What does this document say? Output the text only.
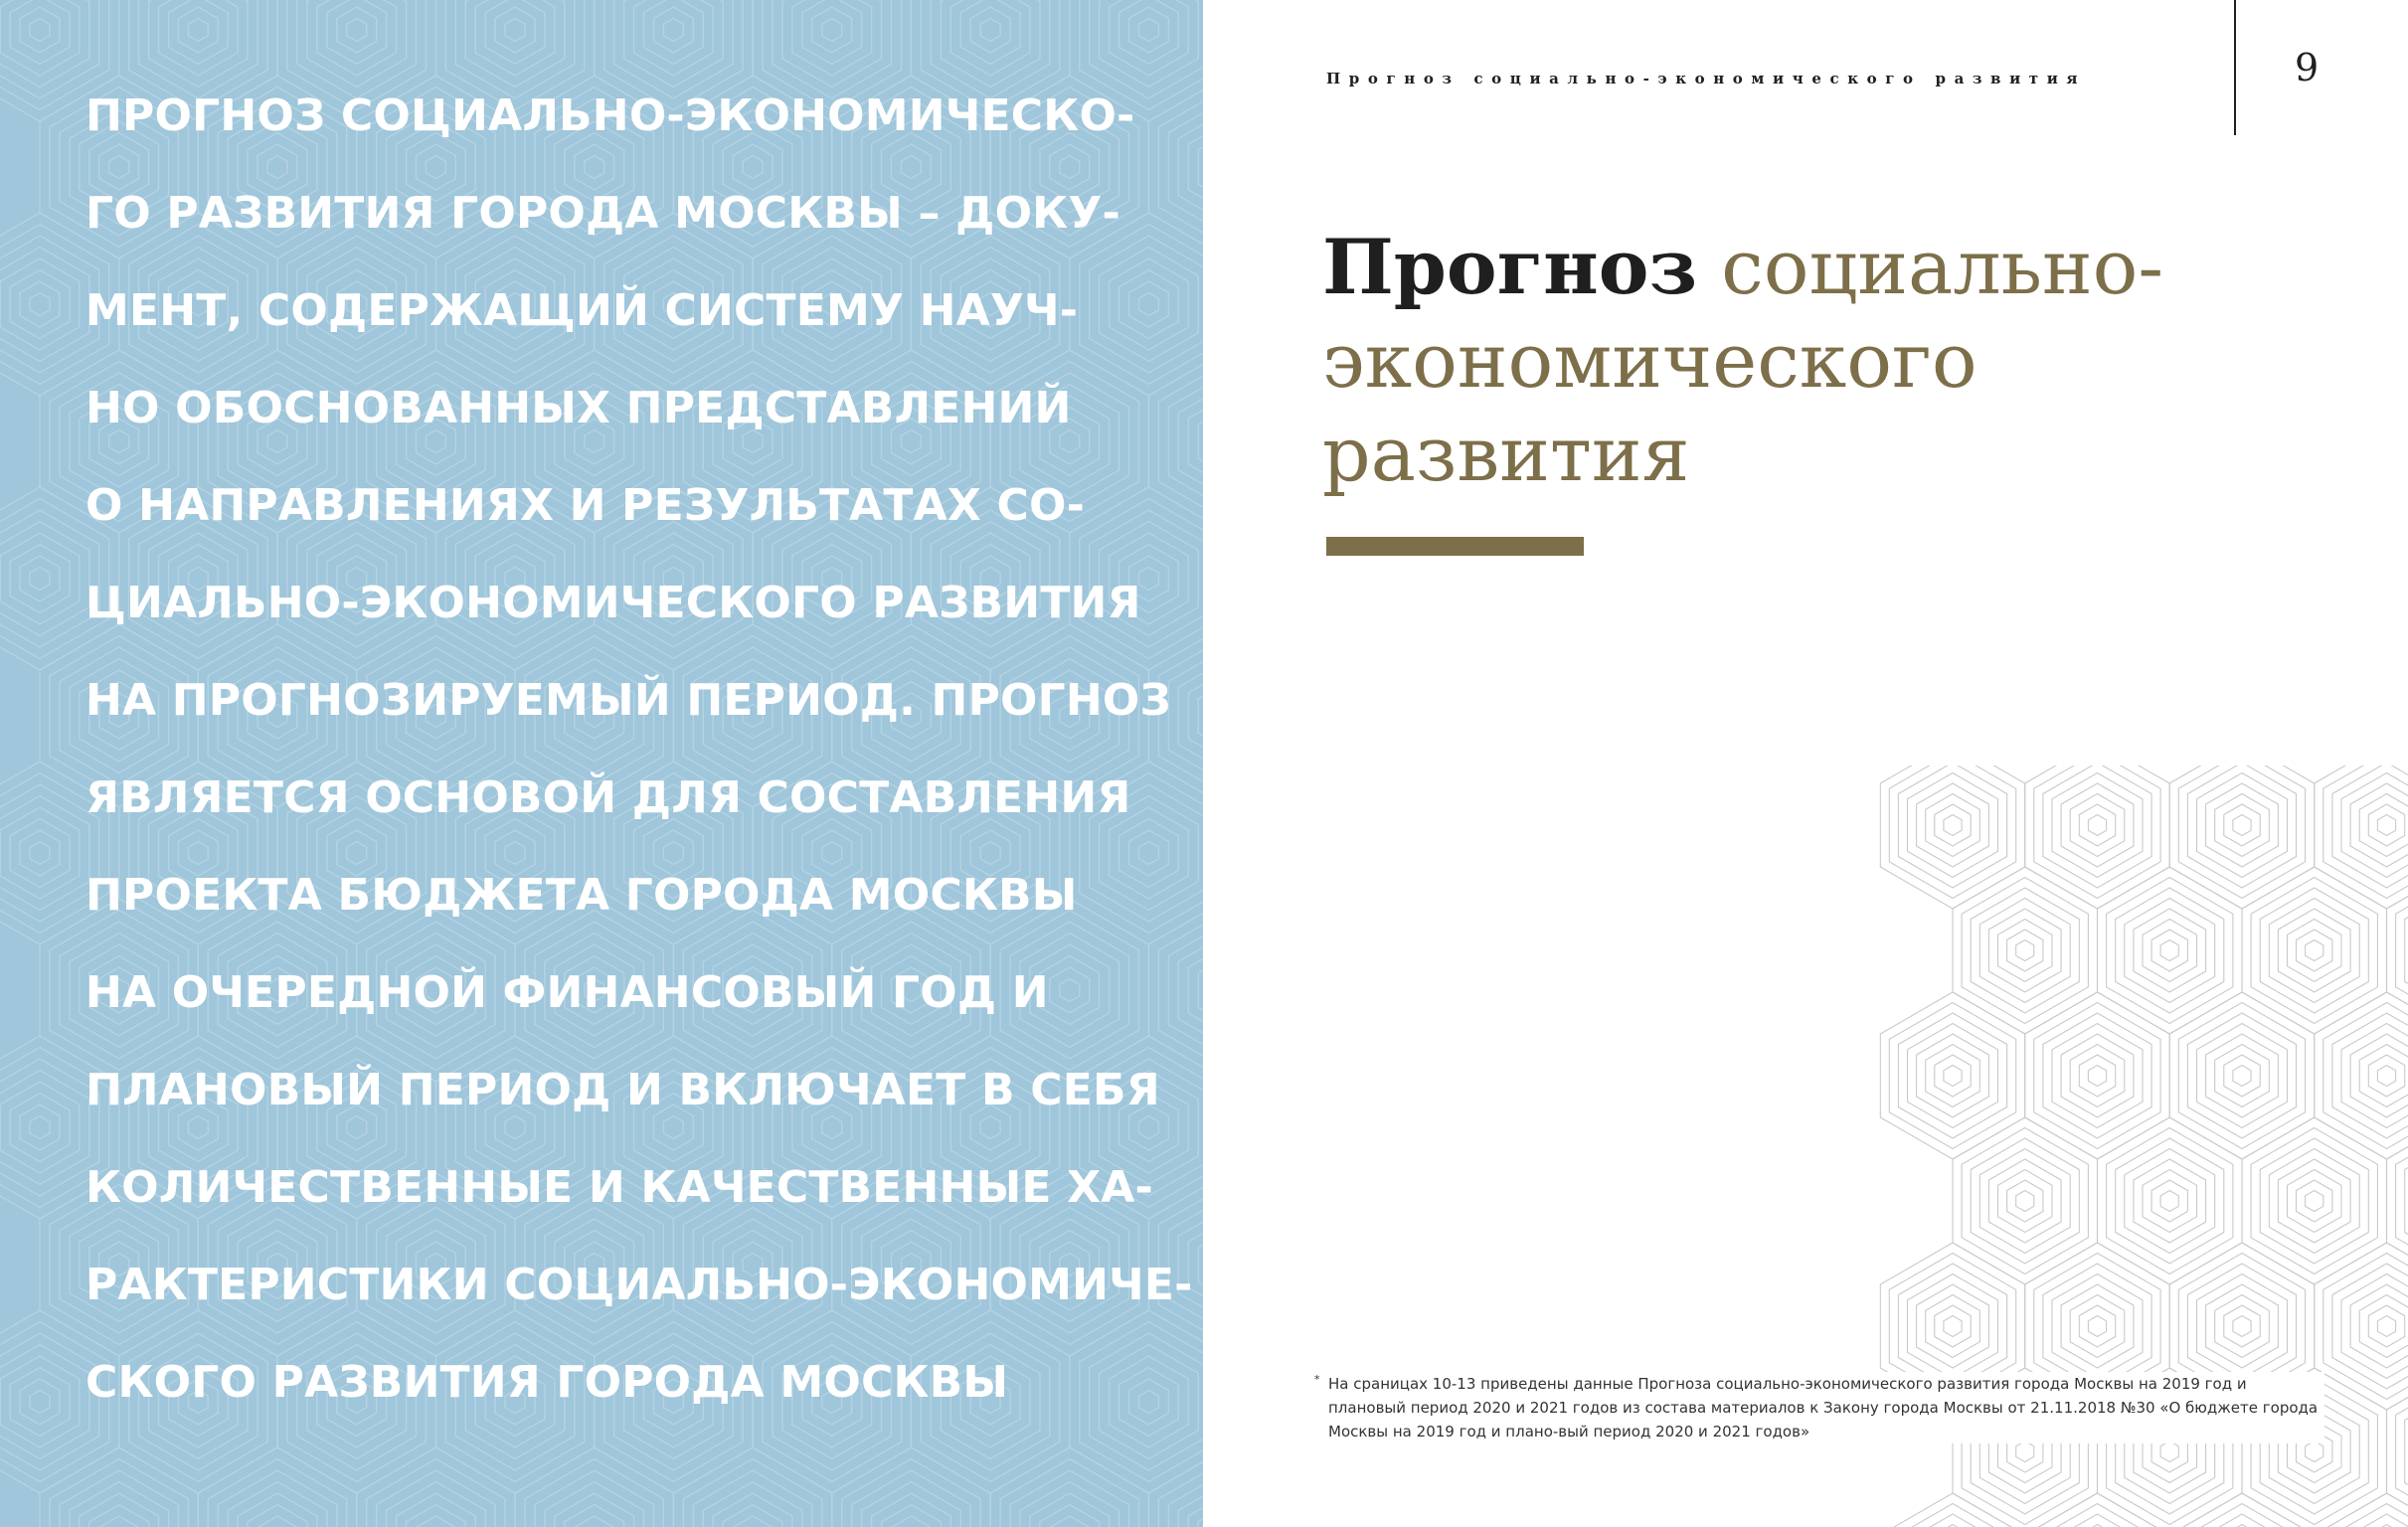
ПРОГНОЗ СОЦИАЛЬНО-ЭКОНОМИЧЕСКО-
ГО РАЗВИТИЯ ГОРОДА МОСКВЫ – ДОКУ-
МЕНТ, СОДЕРЖАЩИЙ СИСТЕМУ НАУЧ-
НО ОБОСНОВАННЫХ ПРЕДСТАВЛЕНИЙ
О НАПРАВЛЕНИЯХ И РЕЗУЛЬТАТАХ СО-
ЦИАЛЬНО-ЭКОНОМИЧЕСКОГО РАЗВИТИЯ
НА ПРОГНОЗИРУЕМЫЙ ПЕРИОД. ПРОГНОЗ
ЯВЛЯЕТСЯ ОСНОВОЙ ДЛЯ СОСТАВЛЕНИЯ
ПРОЕКТА БЮДЖЕТА ГОРОДА МОСКВЫ
НА ОЧЕРЕДНОЙ ФИНАНСОВЫЙ ГОД И
ПЛАНОВЫЙ ПЕРИОД И ВКЛЮЧАЕТ В СЕБЯ
КОЛИЧЕСТВЕННЫЕ И КАЧЕСТВЕННЫЕ ХА-
РАКТЕРИСТИКИ СОЦИАЛЬНО-ЭКОНОМИЧЕ-
СКОГО РАЗВИТИЯ ГОРОДА МОСКВЫ
Прогноз социально-экономического развития	9
Прогноз социально-
экономического
развития
* На сраницах 10-13 приведены данные Прогноза социально-экономического развития города Москвы на 2019 год и плановый период 2020 и 2021 годов из состава материалов к Закону города Москвы от 21.11.2018 №30 «О бюджете города Москвы на 2019 год и плано-вый период 2020 и 2021 годов»
